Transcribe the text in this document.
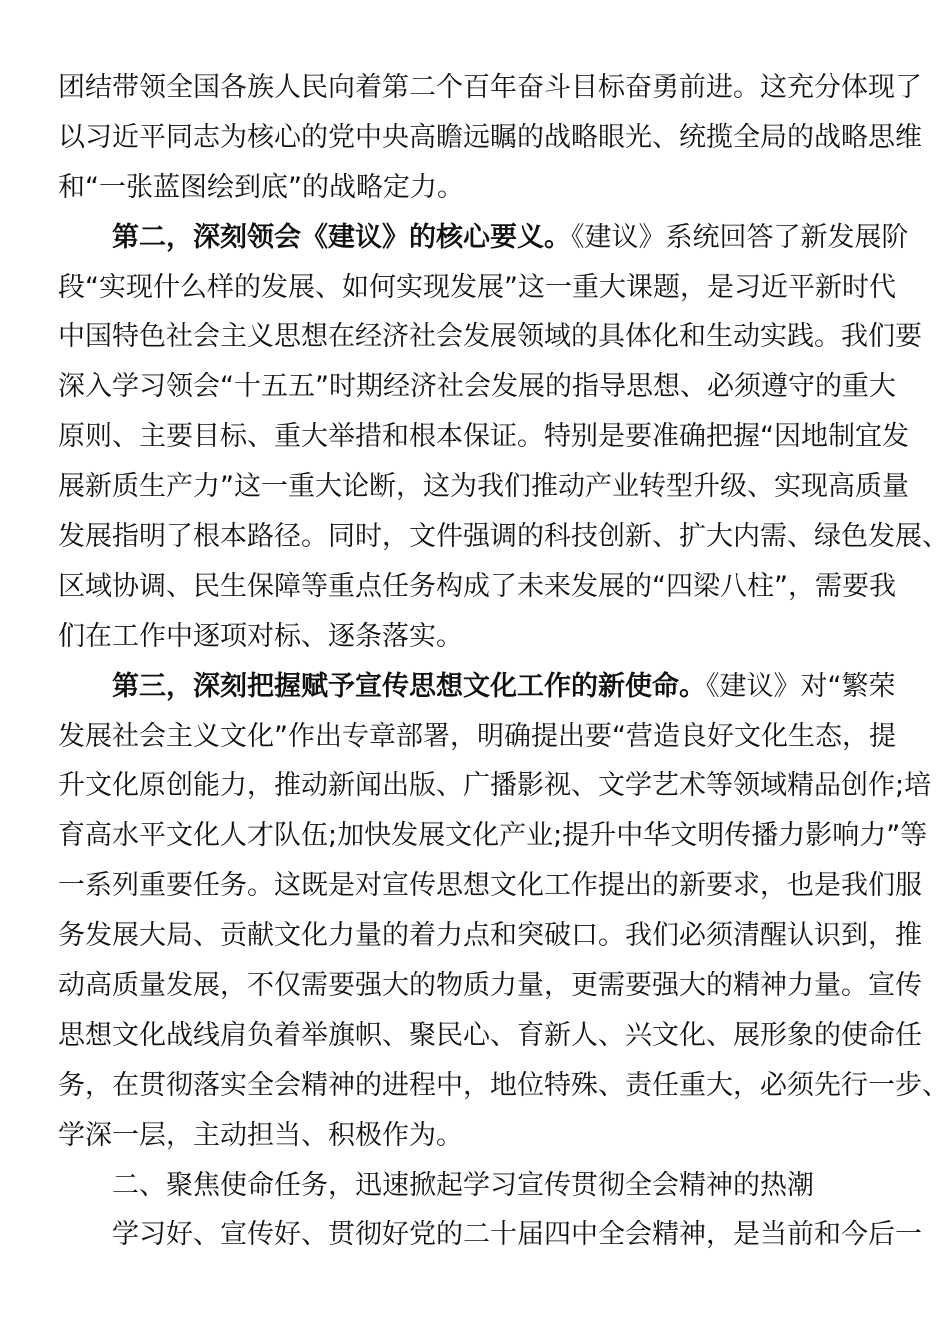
团结带领全国各族人民向着第二个百年奋斗目标奋勇前进。这充分体现了
以习近平同志为核心的党中央高瞻远瞩的战略眼光、统揽全局的战略思维
和“一张蓝图绘到底”的战略定力。
第二，深刻领会《建议》的核心要义。《建议》系统回答了新发展阶
段“实现什么样的发展、如何实现发展”这一重大课题，是习近平新时代
中国特色社会主义思想在经济社会发展领域的具体化和生动实践。我们要
深入学习领会“十五五”时期经济社会发展的指导思想、必须遵守的重大
原则、主要目标、重大举措和根本保证。特别是要准确把握“因地制宜发
展新质生产力”这一重大论断，这为我们推动产业转型升级、实现高质量
发展指明了根本路径。同时，文件强调的科技创新、扩大内需、绿色发展、
区域协调、民生保障等重点任务构成了未来发展的“四梁八柱”，需要我
们在工作中逐项对标、逐条落实。
第三，深刻把握赋予宣传思想文化工作的新使命。《建议》对“繁荣
发展社会主义文化”作出专章部署，明确提出要“营造良好文化生态，提
升文化原创能力，推动新闻出版、广播影视、文学艺术等领域精品创作;培
育高水平文化人才队伍;加快发展文化产业;提升中华文明传播力影响力”等
一系列重要任务。这既是对宣传思想文化工作提出的新要求，也是我们服
务发展大局、贡献文化力量的着力点和突破口。我们必须清醒认识到，推
动高质量发展，不仅需要强大的物质力量，更需要强大的精神力量。宣传
思想文化战线肩负着举旗帜、聚民心、育新人、兴文化、展形象的使命任
务，在贯彻落实全会精神的进程中，地位特殊、责任重大，必须先行一步、
学深一层，主动担当、积极作为。
二、聚焦使命任务，迅速掀起学习宣传贯彻全会精神的热潮
学习好、宣传好、贯彻好党的二十届四中全会精神，是当前和今后一
